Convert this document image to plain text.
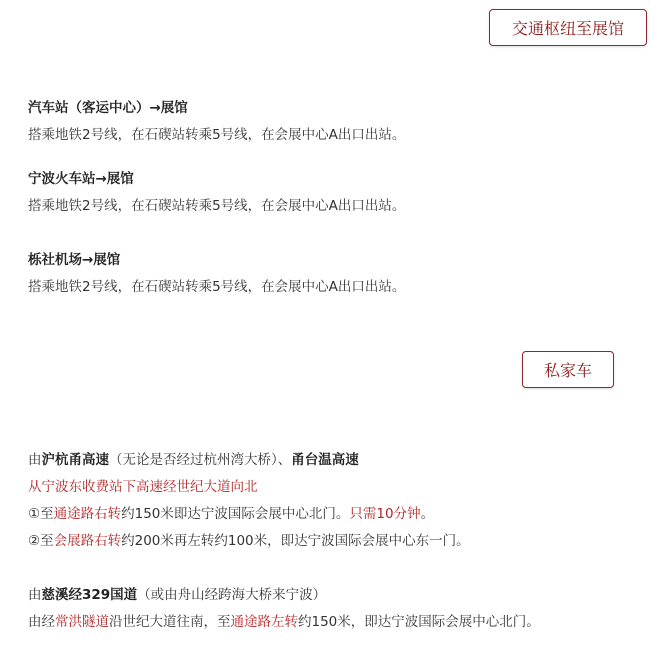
交通枢纽至展馆
汽车站（客运中心）→展馆
搭乘地铁2号线，在石碶站转乘5号线，在会展中心A出口出站。
宁波火车站→展馆
搭乘地铁2号线，在石碶站转乘5号线，在会展中心A出口出站。
栎社机场→展馆
搭乘地铁2号线，在石碶站转乘5号线，在会展中心A出口出站。
私家车
由沪杭甬高速（无论是否经过杭州湾大桥）、甬台温高速
从宁波东收费站下高速经世纪大道向北
①至通途路右转约150米即达宁波国际会展中心北门。只需10分钟。
②至会展路右转约200米再左转约100米，即达宁波国际会展中心东一门。
由慈溪经329国道（或由舟山经跨海大桥来宁波）
由经常洪隧道沿世纪大道往南，至通途路左转约150米，即达宁波国际会展中心北门。
